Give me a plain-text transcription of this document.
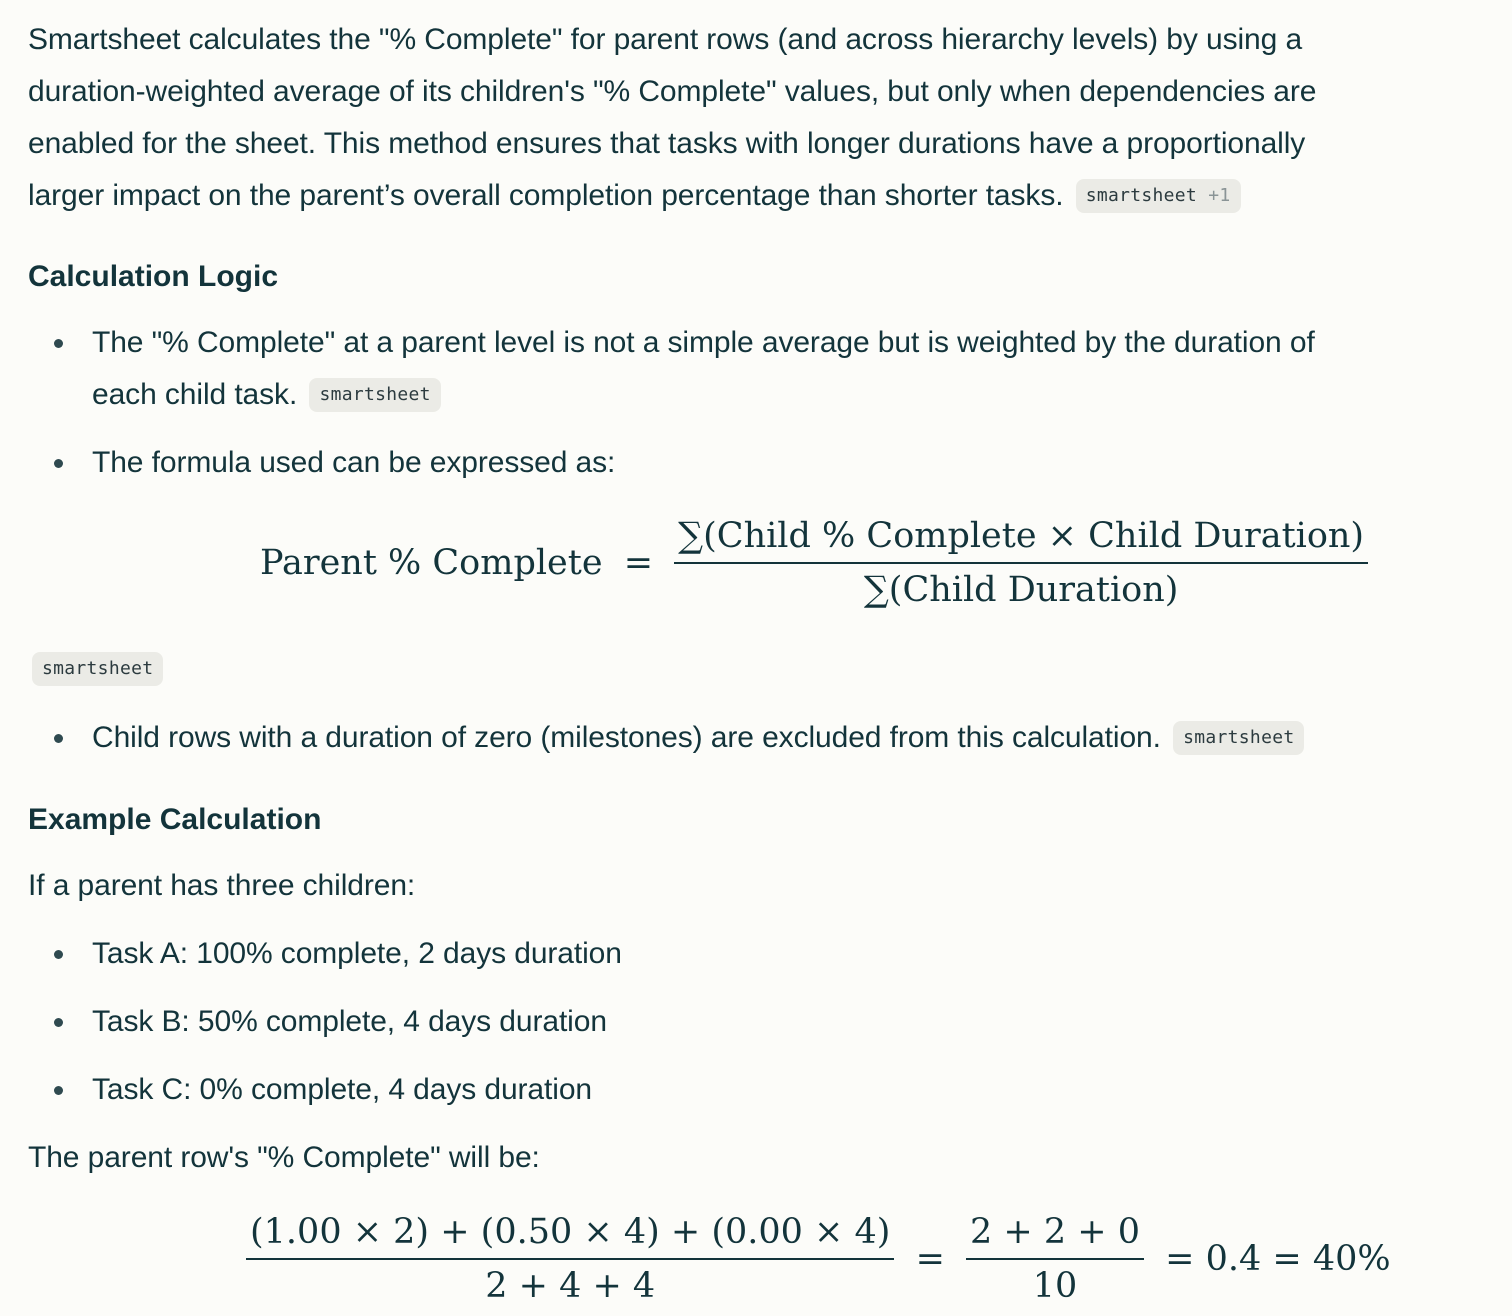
Smartsheet calculates the "% Complete" for parent rows (and across hierarchy levels) by using a
duration-weighted average of its children's "% Complete" values, but only when dependencies are
enabled for the sheet. This method ensures that tasks with longer durations have a proportionally
larger impact on the parent’s overall completion percentage than shorter tasks. smartsheet +1
Calculation Logic
The "% Complete" at a parent level is not a simple average but is weighted by the duration of
each child task. smartsheet
The formula used can be expressed as:
Parent % Complete = $\frac{\text{∑(Child \% Complete × Child Duration)}}{\text{∑(Child Duration)}}$
smartsheet
Child rows with a duration of zero (milestones) are excluded from this calculation. smartsheet
Example Calculation
If a parent has three children:
Task A: 100% complete, 2 days duration
Task B: 50% complete, 4 days duration
Task C: 0% complete, 4 days duration
The parent row's "% Complete" will be:
$\frac{(1.00 \times 2) + (0.50 \times 4) + (0.00 \times 4)}{2 + 4 + 4} = \frac{2 + 2 + 0}{10} = 0.4 = 40\%$
